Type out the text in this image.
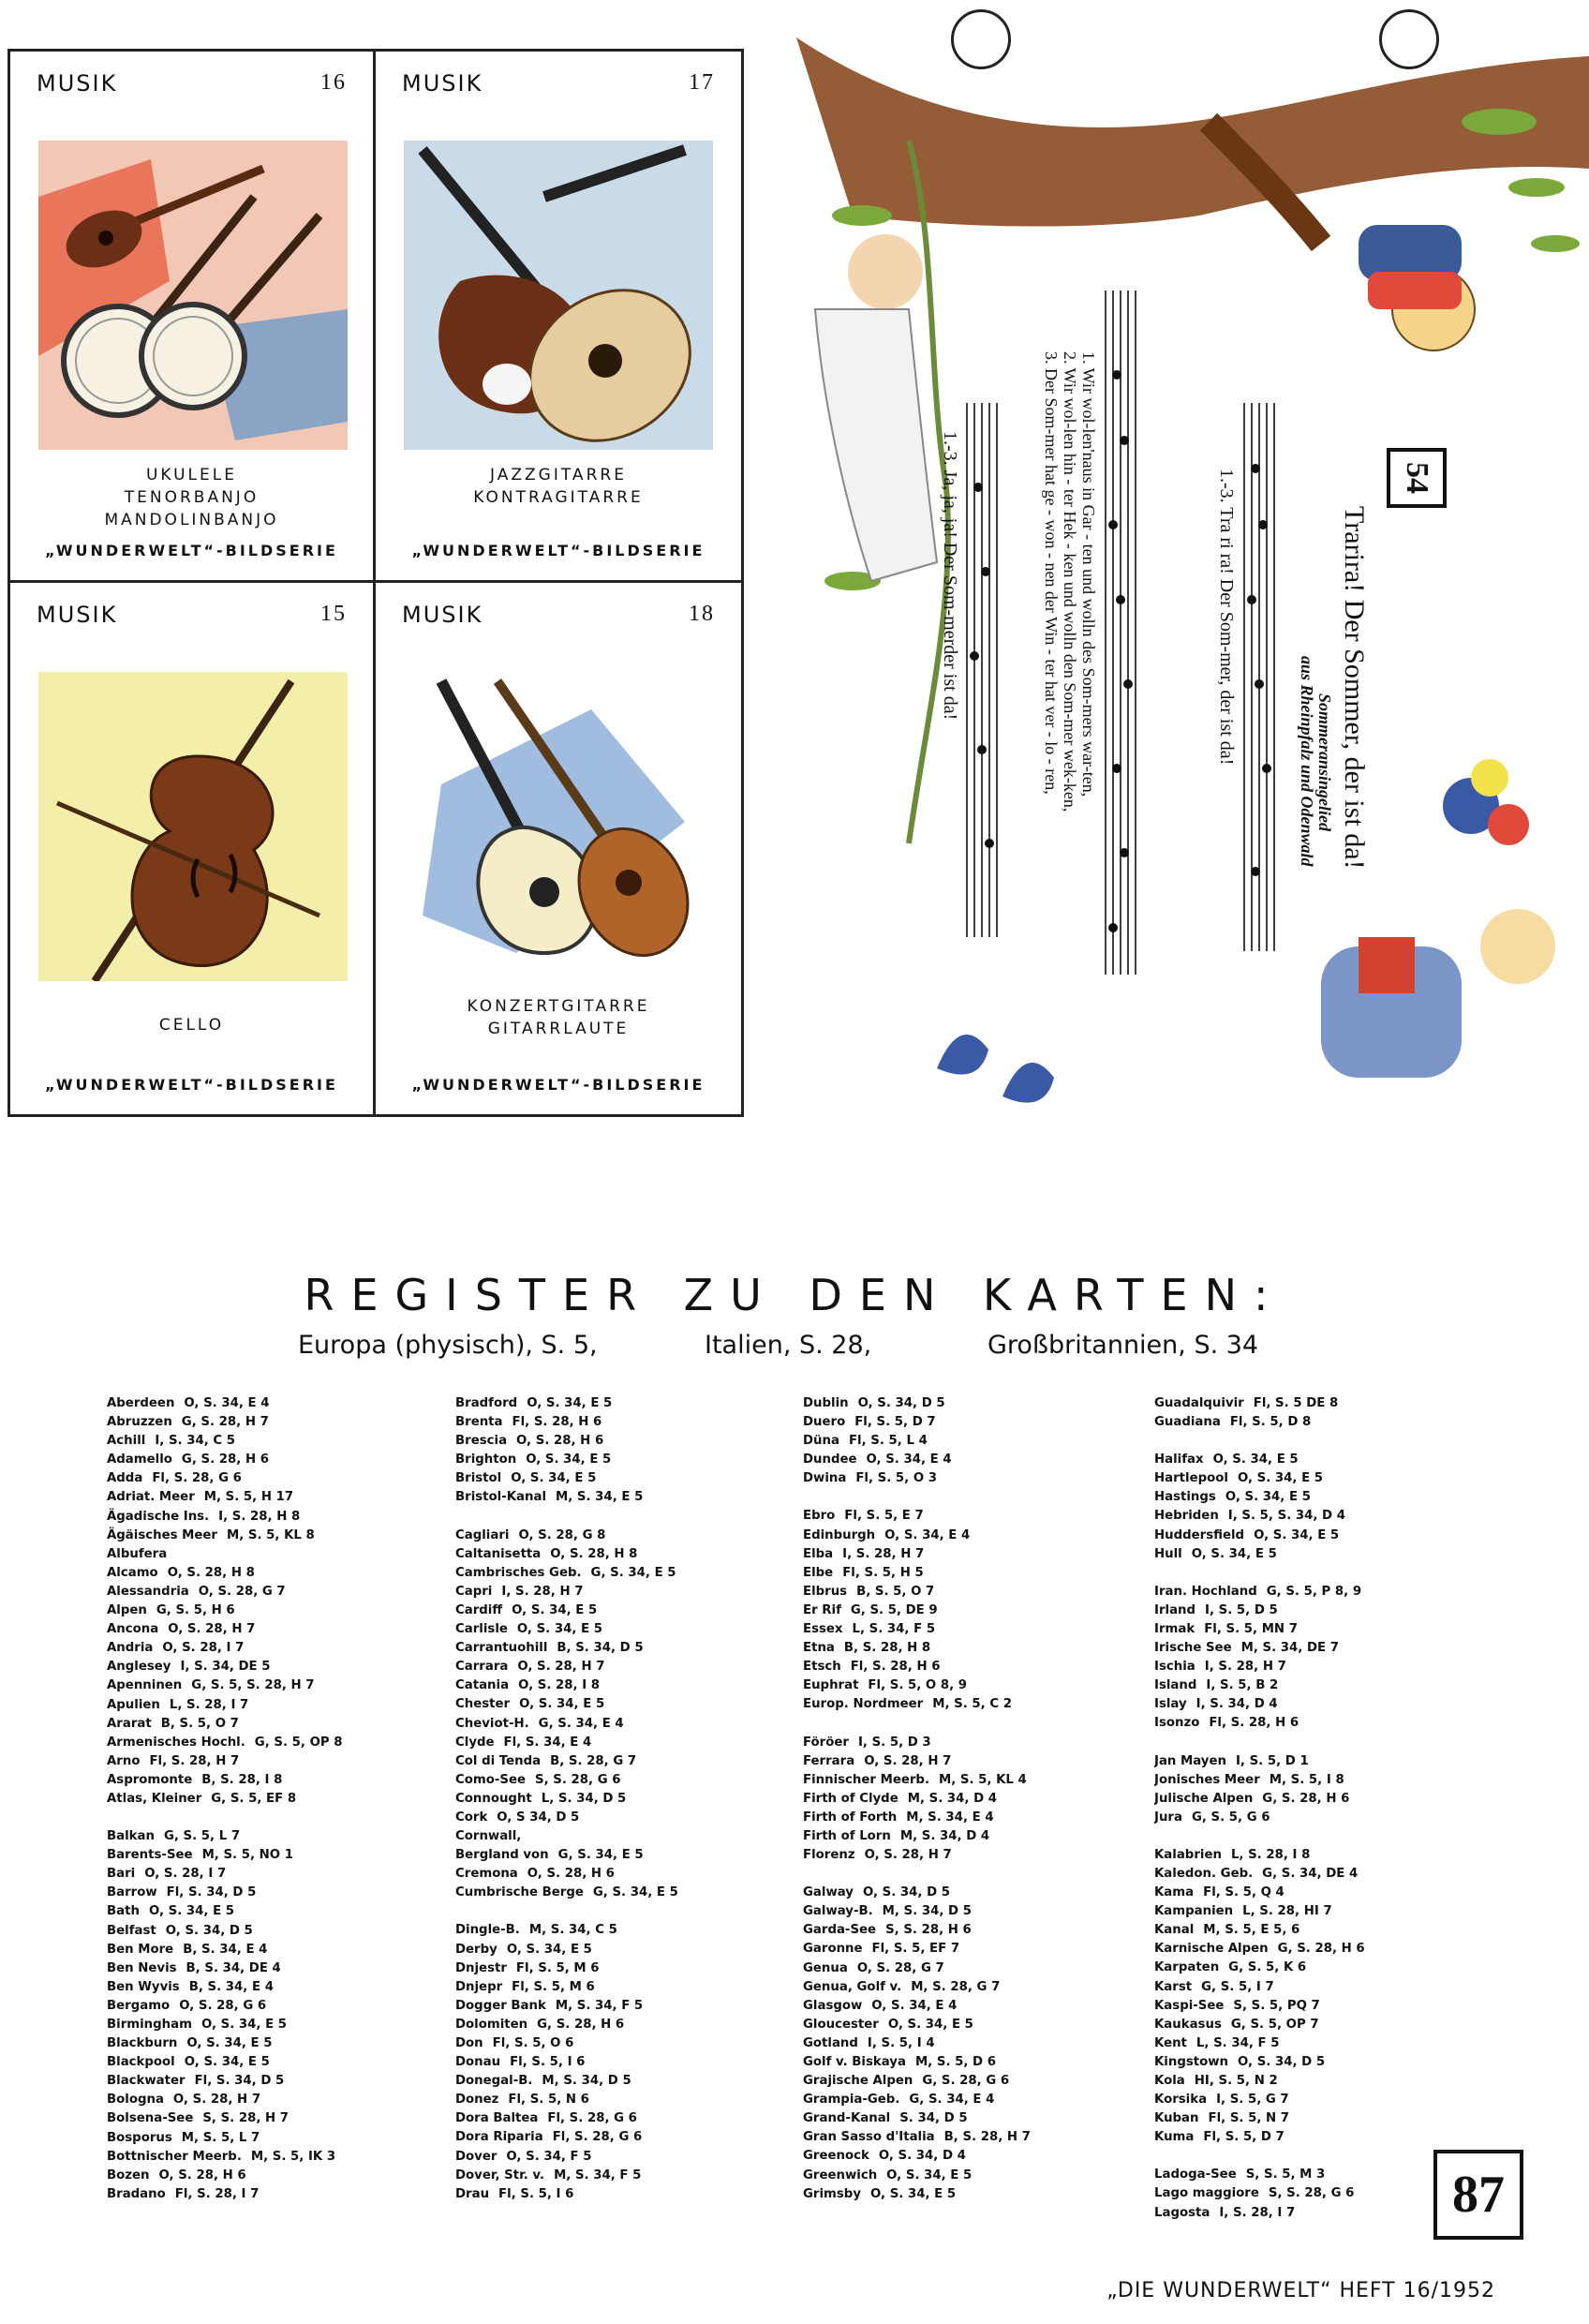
MUSIK	16
UKULELE
TENORBANJO
MANDOLINBANJO
„WUNDERWELT“-BILDSERIE
MUSIK	17
JAZZGITARRE
KONTRAGITARRE
„WUNDERWELT“-BILDSERIE
MUSIK	15
CELLO
„WUNDERWELT“-BILDSERIE
MUSIK	18
KONZERTGITARRE
GITARRLAUTE
„WUNDERWELT“-BILDSERIE
54
Trarira! Der Sommer, der ist da!
Sommeransingelied
aus Rheinpfalz und Odenwald
1.-3. Tra ri ra! Der Som-mer, der ist da!
1. Wir wol-len'naus in Gar - ten und wolln des Som-mers war-ten,
2. Wir wol-len hin - ter Hek - ken und wolln den Som-mer wek-ken,
3. Der Som-mer hat ge - won - nen der Win - ter hat ver - lo - ren,
1.-3. Ja, ja, ja! Der Som-merder ist da!
REGISTER ZU DEN KARTEN:
Europa (physisch), S. 5,	Italien, S. 28,	Großbritannien, S. 34
Aberdeen O, S. 34, E 4
Abruzzen G, S. 28, H 7
Achill I, S. 34, C 5
Adamello G, S. 28, H 6
Adda Fl, S. 28, G 6
Adriat. Meer M, S. 5, H 17
Ägadische Ins. I, S. 28, H 8
Ägäisches Meer M, S. 5, KL 8
Albufera
Alcamo O, S. 28, H 8
Alessandria O, S. 28, G 7
Alpen G, S. 5, H 6
Ancona O, S. 28, H 7
Andria O, S. 28, I 7
Anglesey I, S. 34, DE 5
Apenninen G, S. 5, S. 28, H 7
Apulien L, S. 28, I 7
Ararat B, S. 5, O 7
Armenisches Hochl. G, S. 5, OP 8
Arno Fl, S. 28, H 7
Aspromonte B, S. 28, I 8
Atlas, Kleiner G, S. 5, EF 8
Balkan G, S. 5, L 7
Barents-See M, S. 5, NO 1
Bari O, S. 28, I 7
Barrow Fl, S. 34, D 5
Bath O, S. 34, E 5
Belfast O, S. 34, D 5
Ben More B, S. 34, E 4
Ben Nevis B, S. 34, DE 4
Ben Wyvis B, S. 34, E 4
Bergamo O, S. 28, G 6
Birmingham O, S. 34, E 5
Blackburn O, S. 34, E 5
Blackpool O, S. 34, E 5
Blackwater Fl, S. 34, D 5
Bologna O, S. 28, H 7
Bolsena-See S, S. 28, H 7
Bosporus M, S. 5, L 7
Bottnischer Meerb. M, S. 5, IK 3
Bozen O, S. 28, H 6
Bradano Fl, S. 28, I 7
Bradford O, S. 34, E 5
Brenta Fl, S. 28, H 6
Brescia O, S. 28, H 6
Brighton O, S. 34, E 5
Bristol O, S. 34, E 5
Bristol-Kanal M, S. 34, E 5
Cagliari O, S. 28, G 8
Caltanisetta O, S. 28, H 8
Cambrisches Geb. G, S. 34, E 5
Capri I, S. 28, H 7
Cardiff O, S. 34, E 5
Carlisle O, S. 34, E 5
Carrantuohill B, S. 34, D 5
Carrara O, S. 28, H 7
Catania O, S. 28, I 8
Chester O, S. 34, E 5
Cheviot-H. G, S. 34, E 4
Clyde Fl, S. 34, E 4
Col di Tenda B, S. 28, G 7
Como-See S, S. 28, G 6
Connought L, S. 34, D 5
Cork O, S 34, D 5
Cornwall,
Bergland von G, S. 34, E 5
Cremona O, S. 28, H 6
Cumbrische Berge G, S. 34, E 5
Dingle-B. M, S. 34, C 5
Derby O, S. 34, E 5
Dnjestr Fl, S. 5, M 6
Dnjepr Fl, S. 5, M 6
Dogger Bank M, S. 34, F 5
Dolomiten G, S. 28, H 6
Don Fl, S. 5, O 6
Donau Fl, S. 5, I 6
Donegal-B. M, S. 34, D 5
Donez Fl, S. 5, N 6
Dora Baltea Fl, S. 28, G 6
Dora Riparia Fl, S. 28, G 6
Dover O, S. 34, F 5
Dover, Str. v. M, S. 34, F 5
Drau Fl, S. 5, I 6
Dublin O, S. 34, D 5
Duero Fl, S. 5, D 7
Düna Fl, S. 5, L 4
Dundee O, S. 34, E 4
Dwina Fl, S. 5, O 3
Ebro Fl, S. 5, E 7
Edinburgh O, S. 34, E 4
Elba I, S. 28, H 7
Elbe Fl, S. 5, H 5
Elbrus B, S. 5, O 7
Er Rif G, S. 5, DE 9
Essex L, S. 34, F 5
Etna B, S. 28, H 8
Etsch Fl, S. 28, H 6
Euphrat Fl, S. 5, O 8, 9
Europ. Nordmeer M, S. 5, C 2
Föröer I, S. 5, D 3
Ferrara O, S. 28, H 7
Finnischer Meerb. M, S. 5, KL 4
Firth of Clyde M, S. 34, D 4
Firth of Forth M, S. 34, E 4
Firth of Lorn M, S. 34, D 4
Florenz O, S. 28, H 7
Galway O, S. 34, D 5
Galway-B. M, S. 34, D 5
Garda-See S, S. 28, H 6
Garonne Fl, S. 5, EF 7
Genua O, S. 28, G 7
Genua, Golf v. M, S. 28, G 7
Glasgow O, S. 34, E 4
Gloucester O, S. 34, E 5
Gotland I, S. 5, I 4
Golf v. Biskaya M, S. 5, D 6
Grajische Alpen G, S. 28, G 6
Grampia-Geb. G, S. 34, E 4
Grand-Kanal S. 34, D 5
Gran Sasso d'Italia B, S. 28, H 7
Greenock O, S. 34, D 4
Greenwich O, S. 34, E 5
Grimsby O, S. 34, E 5
Guadalquivir Fl, S. 5 DE 8
Guadiana Fl, S. 5, D 8
Halifax O, S. 34, E 5
Hartlepool O, S. 34, E 5
Hastings O, S. 34, E 5
Hebriden I, S. 5, S. 34, D 4
Huddersfield O, S. 34, E 5
Hull O, S. 34, E 5
Iran. Hochland G, S. 5, P 8, 9
Irland I, S. 5, D 5
Irmak Fl, S. 5, MN 7
Irische See M, S. 34, DE 7
Ischia I, S. 28, H 7
Island I, S. 5, B 2
Islay I, S. 34, D 4
Isonzo Fl, S. 28, H 6
Jan Mayen I, S. 5, D 1
Jonisches Meer M, S. 5, I 8
Julische Alpen G, S. 28, H 6
Jura G, S. 5, G 6
Kalabrien L, S. 28, I 8
Kaledon. Geb. G, S. 34, DE 4
Kama Fl, S. 5, Q 4
Kampanien L, S. 28, HI 7
Kanal M, S. 5, E 5, 6
Karnische Alpen G, S. 28, H 6
Karpaten G, S. 5, K 6
Karst G, S. 5, I 7
Kaspi-See S, S. 5, PQ 7
Kaukasus G, S. 5, OP 7
Kent L, S. 34, F 5
Kingstown O, S. 34, D 5
Kola HI, S. 5, N 2
Korsika I, S. 5, G 7
Kuban Fl, S. 5, N 7
Kuma Fl, S. 5, D 7
Ladoga-See S, S. 5, M 3
Lago maggiore S, S. 28, G 6
Lagosta I, S. 28, I 7	87
„DIE WUNDERWELT“ HEFT 16/1952
